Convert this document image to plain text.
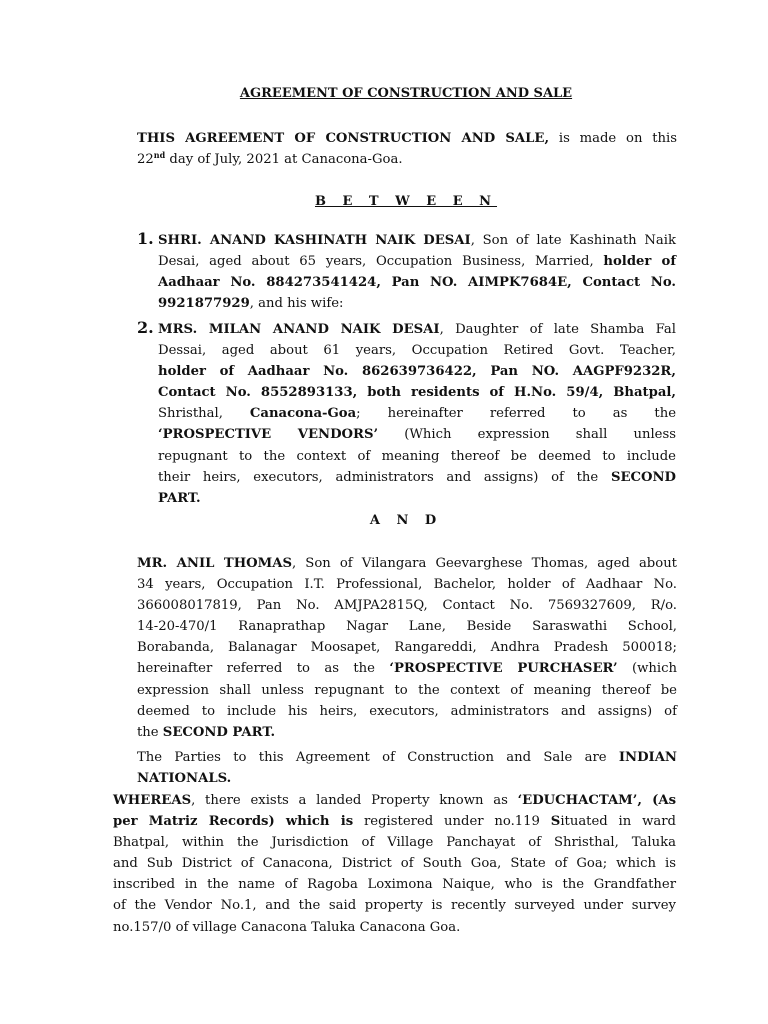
AGREEMENT OF CONSTRUCTION AND SALE
THIS AGREEMENT OF CONSTRUCTION AND SALE, is made on this
22nd day of July, 2021 at Canacona-Goa.
B E T W E E N
1. SHRI. ANAND KASHINATH NAIK DESAI, Son of late Kashinath Naik
Desai, aged about 65 years, Occupation Business, Married, holder of
Aadhaar No. 884273541424, Pan NO. AIMPK7684E, Contact No.
9921877929, and his wife:
2. MRS. MILAN ANAND NAIK DESAI, Daughter of late Shamba Fal
Dessai, aged about 61 years, Occupation Retired Govt. Teacher,
holder of Aadhaar No. 862639736422, Pan NO. AAGPF9232R,
Contact No. 8552893133, both residents of H.No. 59/4, Bhatpal,
Shristhal, Canacona-Goa; hereinafter referred to as the
‘PROSPECTIVE VENDORS’ (Which expression shall unless
repugnant to the context of meaning thereof be deemed to include
their heirs, executors, administrators and assigns) of the SECOND
PART.
A N D
MR. ANIL THOMAS, Son of Vilangara Geevarghese Thomas, aged about
34 years, Occupation I.T. Professional, Bachelor, holder of Aadhaar No.
366008017819, Pan No. AMJPA2815Q, Contact No. 7569327609, R/o.
14-20-470/1 Ranaprathap Nagar Lane, Beside Saraswathi School,
Borabanda, Balanagar Moosapet, Rangareddi, Andhra Pradesh 500018;
hereinafter referred to as the ‘PROSPECTIVE PURCHASER’ (which
expression shall unless repugnant to the context of meaning thereof be
deemed to include his heirs, executors, administrators and assigns) of
the SECOND PART.
The Parties to this Agreement of Construction and Sale are INDIAN
NATIONALS.
WHEREAS, there exists a landed Property known as ‘EDUCHACTAM’, (As
per Matriz Records) which is registered under no.119 Situated in ward
Bhatpal, within the Jurisdiction of Village Panchayat of Shristhal, Taluka
and Sub District of Canacona, District of South Goa, State of Goa; which is
inscribed in the name of Ragoba Loximona Naique, who is the Grandfather
of the Vendor No.1, and the said property is recently surveyed under survey
no.157/0 of village Canacona Taluka Canacona Goa.
